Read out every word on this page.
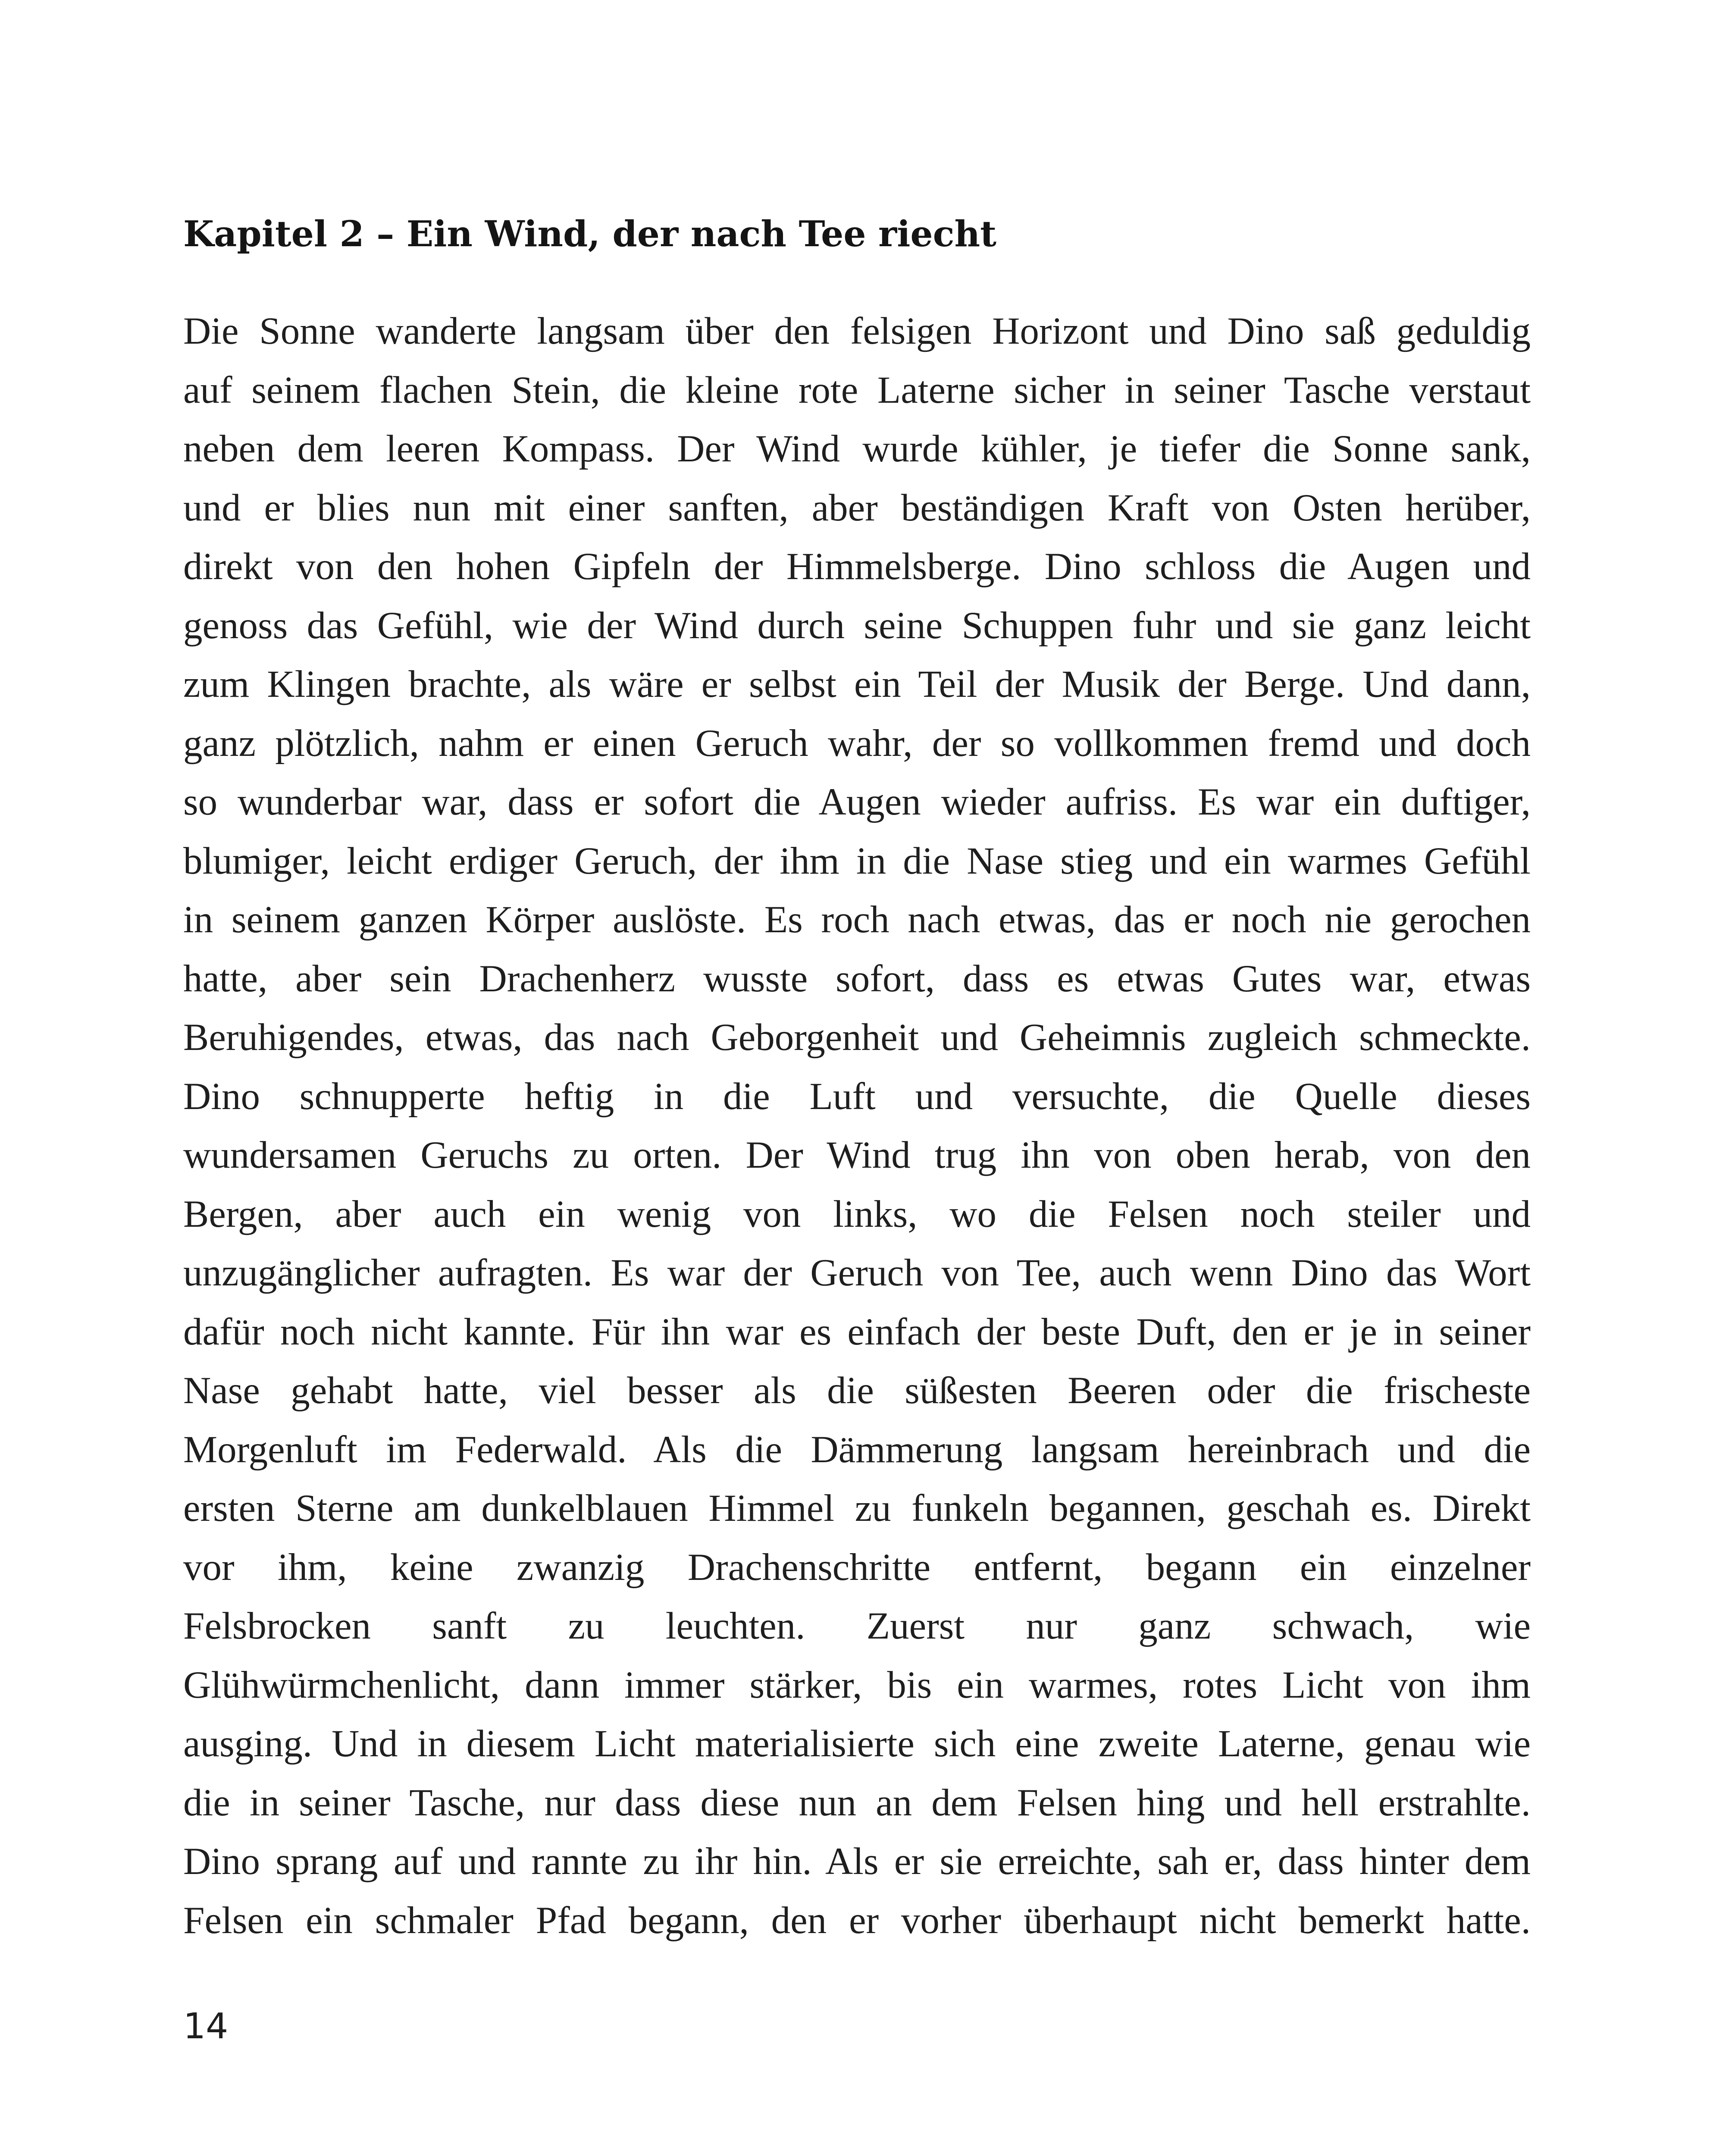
Kapitel 2 – Ein Wind, der nach Tee riecht
Die Sonne wanderte langsam über den felsigen Horizont und Dino saß geduldig
auf seinem flachen Stein, die kleine rote Laterne sicher in seiner Tasche verstaut
neben dem leeren Kompass. Der Wind wurde kühler, je tiefer die Sonne sank,
und er blies nun mit einer sanften, aber beständigen Kraft von Osten herüber,
direkt von den hohen Gipfeln der Himmelsberge. Dino schloss die Augen und
genoss das Gefühl, wie der Wind durch seine Schuppen fuhr und sie ganz leicht
zum Klingen brachte, als wäre er selbst ein Teil der Musik der Berge. Und dann,
ganz plötzlich, nahm er einen Geruch wahr, der so vollkommen fremd und doch
so wunderbar war, dass er sofort die Augen wieder aufriss. Es war ein duftiger,
blumiger, leicht erdiger Geruch, der ihm in die Nase stieg und ein warmes Gefühl
in seinem ganzen Körper auslöste. Es roch nach etwas, das er noch nie gerochen
hatte, aber sein Drachenherz wusste sofort, dass es etwas Gutes war, etwas
Beruhigendes, etwas, das nach Geborgenheit und Geheimnis zugleich schmeckte.
Dino schnupperte heftig in die Luft und versuchte, die Quelle dieses
wundersamen Geruchs zu orten. Der Wind trug ihn von oben herab, von den
Bergen, aber auch ein wenig von links, wo die Felsen noch steiler und
unzugänglicher aufragten. Es war der Geruch von Tee, auch wenn Dino das Wort
dafür noch nicht kannte. Für ihn war es einfach der beste Duft, den er je in seiner
Nase gehabt hatte, viel besser als die süßesten Beeren oder die frischeste
Morgenluft im Federwald. Als die Dämmerung langsam hereinbrach und die
ersten Sterne am dunkelblauen Himmel zu funkeln begannen, geschah es. Direkt
vor ihm, keine zwanzig Drachenschritte entfernt, begann ein einzelner
Felsbrocken sanft zu leuchten. Zuerst nur ganz schwach, wie
Glühwürmchenlicht, dann immer stärker, bis ein warmes, rotes Licht von ihm
ausging. Und in diesem Licht materialisierte sich eine zweite Laterne, genau wie
die in seiner Tasche, nur dass diese nun an dem Felsen hing und hell erstrahlte.
Dino sprang auf und rannte zu ihr hin. Als er sie erreichte, sah er, dass hinter dem
Felsen ein schmaler Pfad begann, den er vorher überhaupt nicht bemerkt hatte.
14
